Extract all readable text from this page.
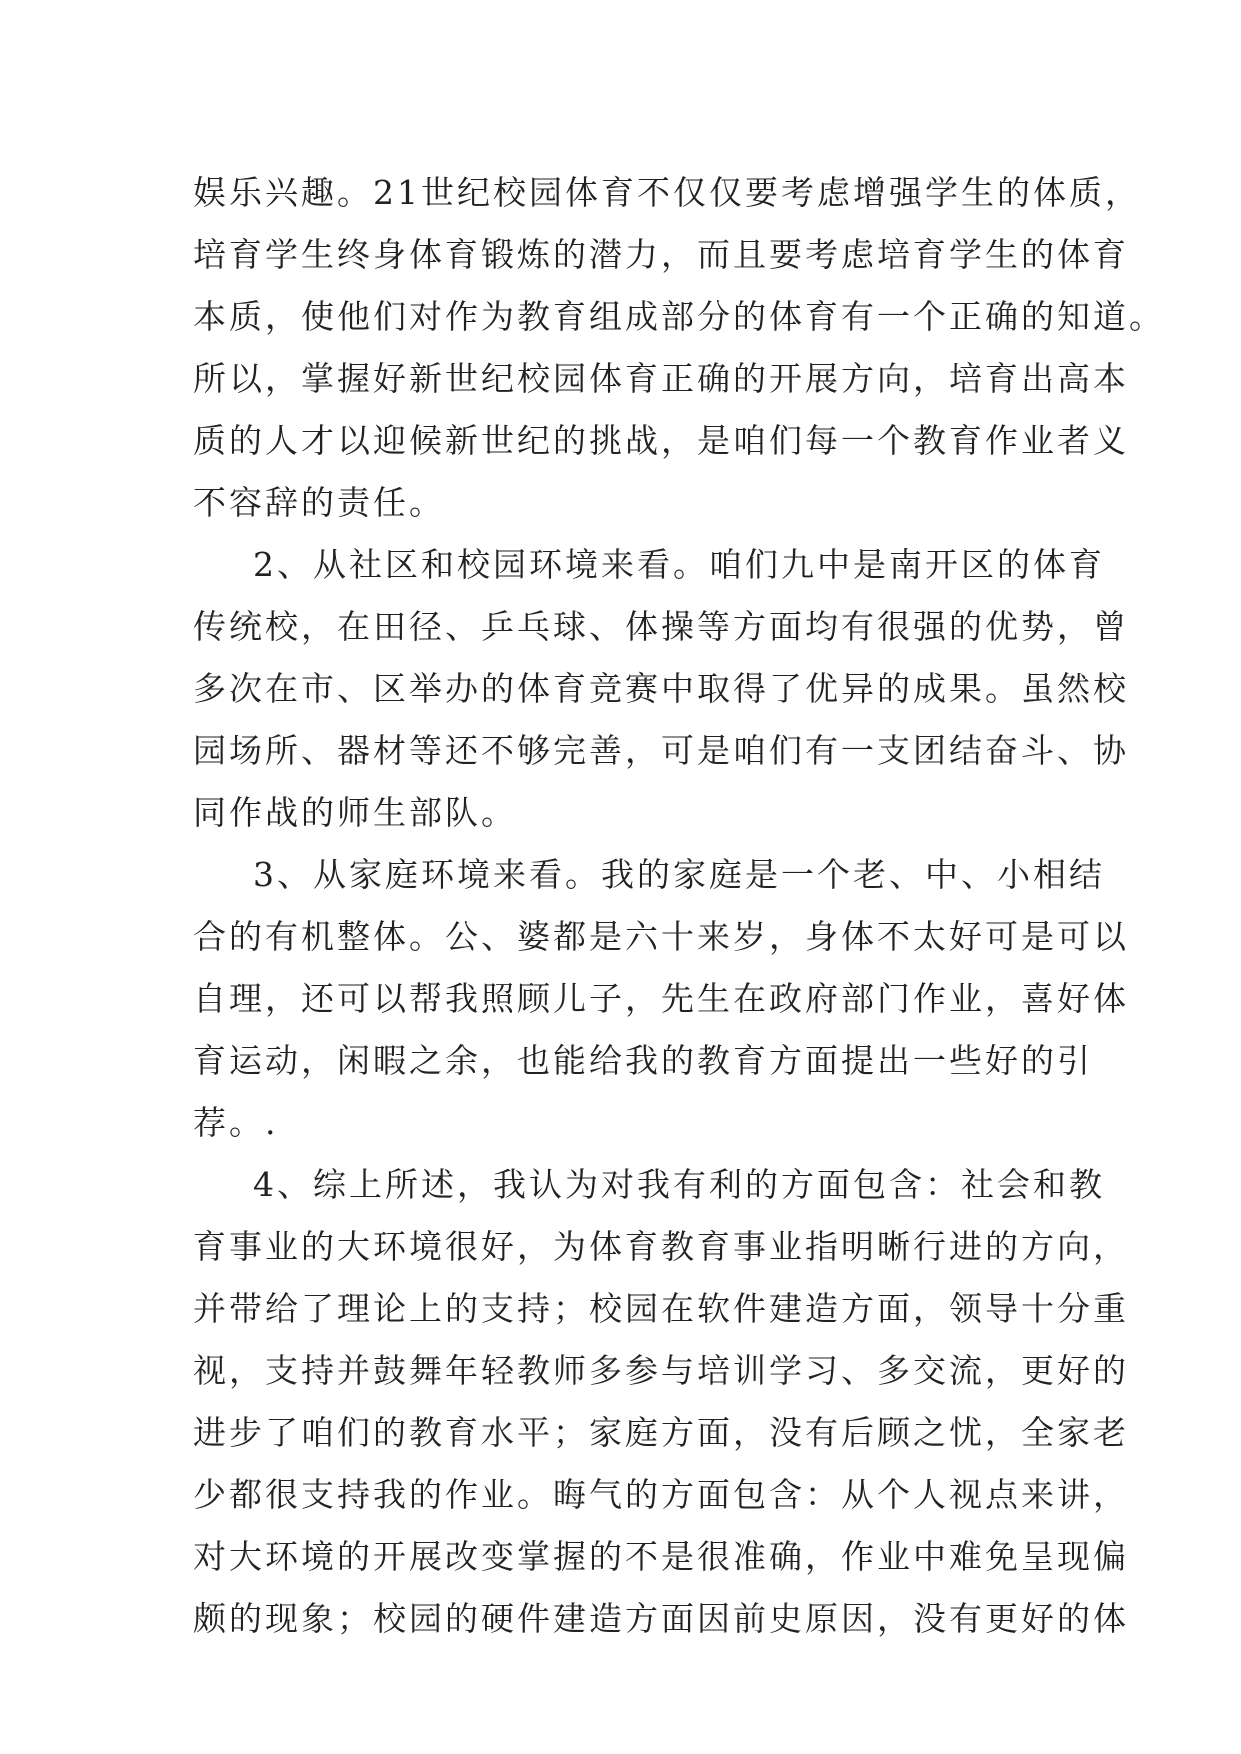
娱乐兴趣。21世纪校园体育不仅仅要考虑增强学生的体质，
培育学生终身体育锻炼的潜力，而且要考虑培育学生的体育
本质，使他们对作为教育组成部分的体育有一个正确的知道。
所以，掌握好新世纪校园体育正确的开展方向，培育出高本
质的人才以迎候新世纪的挑战，是咱们每一个教育作业者义
不容辞的责任。
2、从社区和校园环境来看。咱们九中是南开区的体育
传统校，在田径、乒乓球、体操等方面均有很强的优势，曾
多次在市、区举办的体育竞赛中取得了优异的成果。虽然校
园场所、器材等还不够完善，可是咱们有一支团结奋斗、协
同作战的师生部队。
3、从家庭环境来看。我的家庭是一个老、中、小相结
合的有机整体。公、婆都是六十来岁，身体不太好可是可以
自理，还可以帮我照顾儿子，先生在政府部门作业，喜好体
育运动，闲暇之余，也能给我的教育方面提出一些好的引
荐。.
4、综上所述，我认为对我有利的方面包含：社会和教
育事业的大环境很好，为体育教育事业指明晰行进的方向，
并带给了理论上的支持；校园在软件建造方面，领导十分重
视，支持并鼓舞年轻教师多参与培训学习、多交流，更好的
进步了咱们的教育水平；家庭方面，没有后顾之忧，全家老
少都很支持我的作业。晦气的方面包含：从个人视点来讲，
对大环境的开展改变掌握的不是很准确，作业中难免呈现偏
颇的现象；校园的硬件建造方面因前史原因，没有更好的体
